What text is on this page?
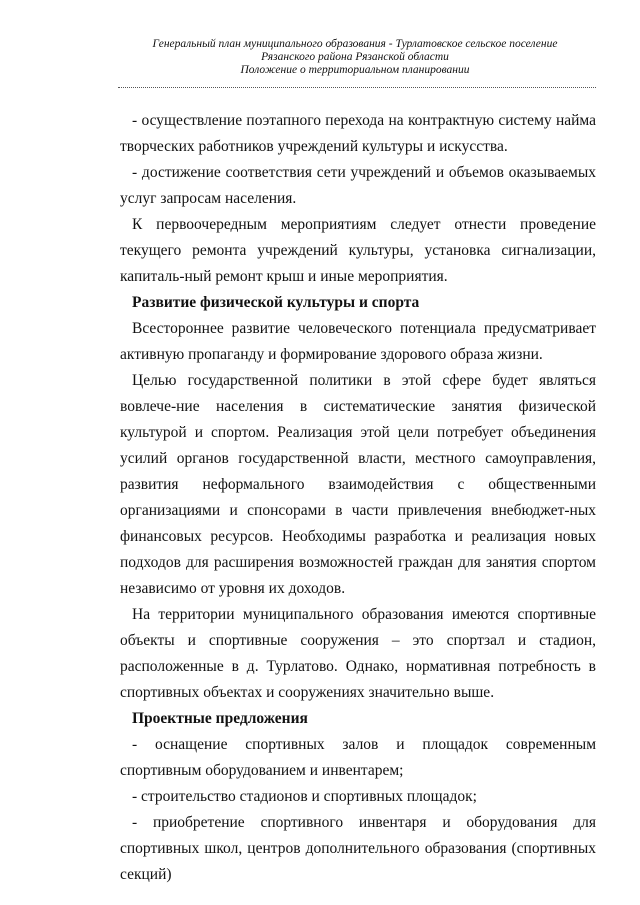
Генеральный план муниципального образования - Турлатовское сельское поселение
Рязанского района Рязанской области
Положение о территориальном планировании

- осуществление поэтапного перехода на контрактную систему найма творческих работников учреждений культуры и искусства.

- достижение соответствия сети учреждений и объемов оказываемых услуг запросам населения.

К первоочередным мероприятиям следует отнести проведение текущего ремонта учреждений культуры, установка сигнализации, капиталь-ный ремонт крыш и иные мероприятия.

Развитие физической культуры и спорта

Всестороннее развитие человеческого потенциала предусматривает активную пропаганду и формирование здорового образа жизни.

Целью государственной политики в этой сфере будет являться вовлече-ние населения в систематические занятия физической культурой и спортом. Реализация этой цели потребует объединения усилий органов государственной власти, местного самоуправления, развития неформального взаимодействия с общественными организациями и спонсорами в части привлечения внебюджет-ных финансовых ресурсов. Необходимы разработка и реализация новых подходов для расширения возможностей граждан для занятия спортом независимо от уровня их доходов.

На территории муниципального образования имеются спортивные объекты и спортивные сооружения – это спортзал и стадион, расположенные в д. Турлатово. Однако, нормативная потребность в спортивных объектах и сооружениях значительно выше.

Проектные предложения

- оснащение спортивных залов и площадок современным спортивным оборудованием и инвентарем;

- строительство стадионов и спортивных площадок;

- приобретение спортивного инвентаря и оборудования для спортивных школ, центров дополнительного образования (спортивных секций)
